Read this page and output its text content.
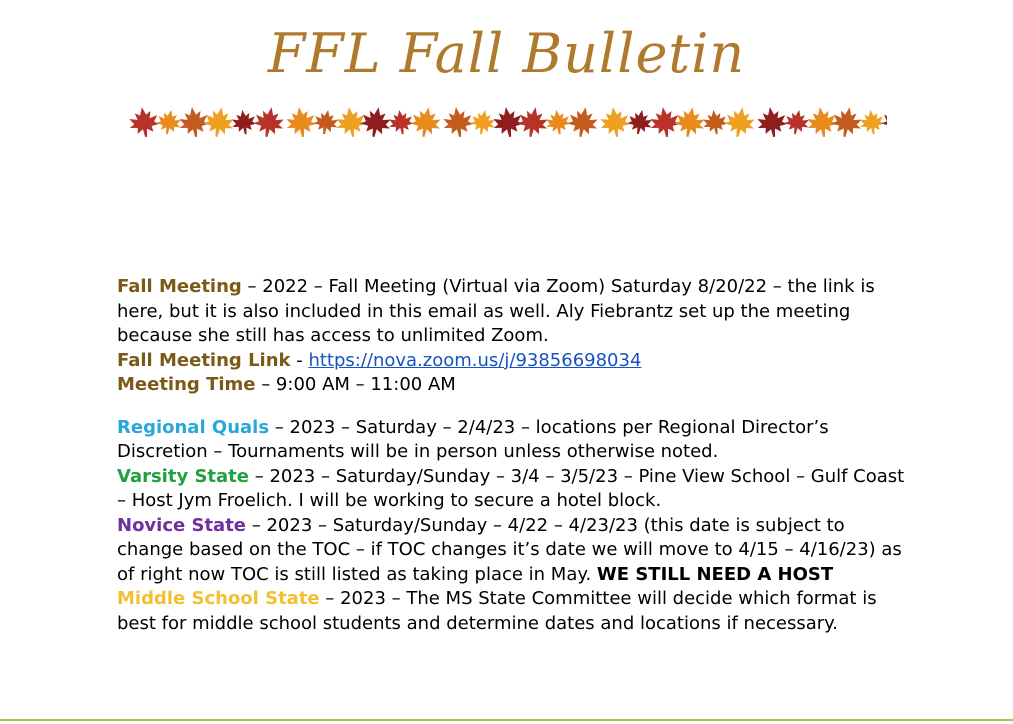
FFL Fall Bulletin

Fall Meeting – 2022 – Fall Meeting (Virtual via Zoom) Saturday 8/20/22 – the link is here, but it is also included in this email as well. Aly Fiebrantz set up the meeting because she still has access to unlimited Zoom.

Fall Meeting Link - https://nova.zoom.us/j/93856698034

Meeting Time – 9:00 AM – 11:00 AM

Regional Quals – 2023 – Saturday – 2/4/23 – locations per Regional Director’s Discretion – Tournaments will be in person unless otherwise noted.

Varsity State – 2023 – Saturday/Sunday – 3/4 – 3/5/23 – Pine View School – Gulf Coast – Host Jym Froelich. I will be working to secure a hotel block.

Novice State – 2023 – Saturday/Sunday – 4/22 – 4/23/23 (this date is subject to change based on the TOC – if TOC changes it’s date we will move to 4/15 – 4/16/23) as of right now TOC is still listed as taking place in May. WE STILL NEED A HOST

Middle School State – 2023 – The MS State Committee will decide which format is best for middle school students and determine dates and locations if necessary.
